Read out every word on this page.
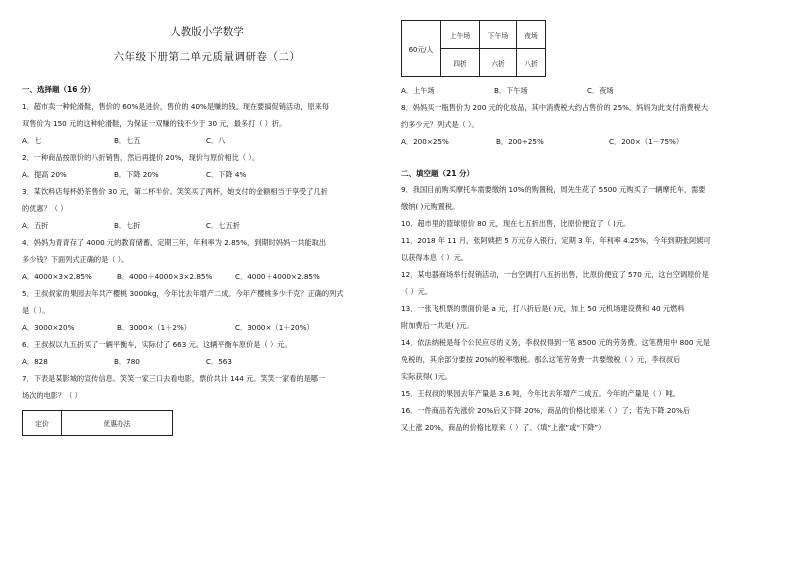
人教版小学数学
六年级下册第二单元质量调研卷（二）
一、选择题（16 分）

1．超市卖一种轮滑鞋，售价的 60%是进价，售价的 40%是赚的钱。现在要搞促销活动，原来每

双售价为 150 元的这种轮滑鞋，为保证一双赚的钱不少于 30 元，最多打（ ）折。

A．七	B．七五	C．八

2．一种商品按原价的八折销售，然后再提价 20%，现价与原价相比（ ）。

A．提高 20%	B．下降 20%	C．下降 4%

3．某饮料店每杯奶茶售价 30 元，第二杯半价。笑笑买了两杯，她支付的金额相当于享受了几折

的优惠？（ ）

A．五折	B．七折	C．七五折

4．妈妈为青青存了 4000 元的教育储蓄，定期三年，年利率为 2.85%，到期时妈妈一共能取出

多少钱？下面列式正确的是（ ）。

A．4000×3×2.85%	B．4000＋4000×3×2.85%	C．4000＋4000×2.85%

5．王叔叔家的果园去年共产樱桃 3000kg，今年比去年增产二成。今年产樱桃多少千克？正确的列式

是（ ）。

A．3000×20%	B．3000×（1＋2%）	C．3000×（1＋20%）

6．王叔叔以九五折买了一辆平衡车，实际付了 663 元。这辆平衡车原价是（ ）元。

A．828	B．780	C．563

7．下表是某影城的宣传信息。笑笑一家三口去看电影，票价共计 144 元。笑笑一家看的是哪一

场次的电影？（ ）

定价	优惠办法
60元/人	上午场	下午场	夜场
	四折	六折	八折
A．上午场	B．下午场	C．夜场

8．妈妈买一瓶售价为 200 元的化妆品，其中消费税大约占售价的 25%。妈妈为此支付消费税大

约多少元？列式是（ ）。

A．200×25%	B．200÷25%	C．200×（1－75%）
二、填空题（21 分）

9．我国目前购买摩托车需要缴纳 10%的购置税，周先生花了 5500 元购买了一辆摩托车，需要

缴纳( )元购置税。

10．超市里的篮球原价 80 元，现在七五折出售，比原价便宜了（ )元。

11．2018 年 11 月，张阿姨把 5 万元存入银行，定期 3 年，年利率 4.25%，今年到期张阿姨可

以获得本息（ ）元。

12．某电器商场举行促销活动，一台空调打八五折出售，比原价便宜了 570 元，这台空调原价是

（ ）元。

13．一张飞机票的票面价是 a 元，打八折后是( )元，加上 50 元机场建设费和 40 元燃料

附加费后一共是( )元。

14．依法纳税是每个公民应尽的义务，李叔叔得到一笔 8500 元的劳务费。这笔费用中 800 元是

免税的，其余部分要按 20%的税率缴税。那么这笔劳务费一共要缴税（ ）元，李叔叔后

实际获得( )元。

15．王叔叔的果园去年产量是 3.6 吨，今年比去年增产二成五。今年的产量是（ ）吨。

16．一件商品若先涨价 20%后又下降 20%，商品的价格比原来（ ）了；若先下降 20%后

又上涨 20%，商品的价格比原来（ ）了。（填“上涨”或“下降”）
